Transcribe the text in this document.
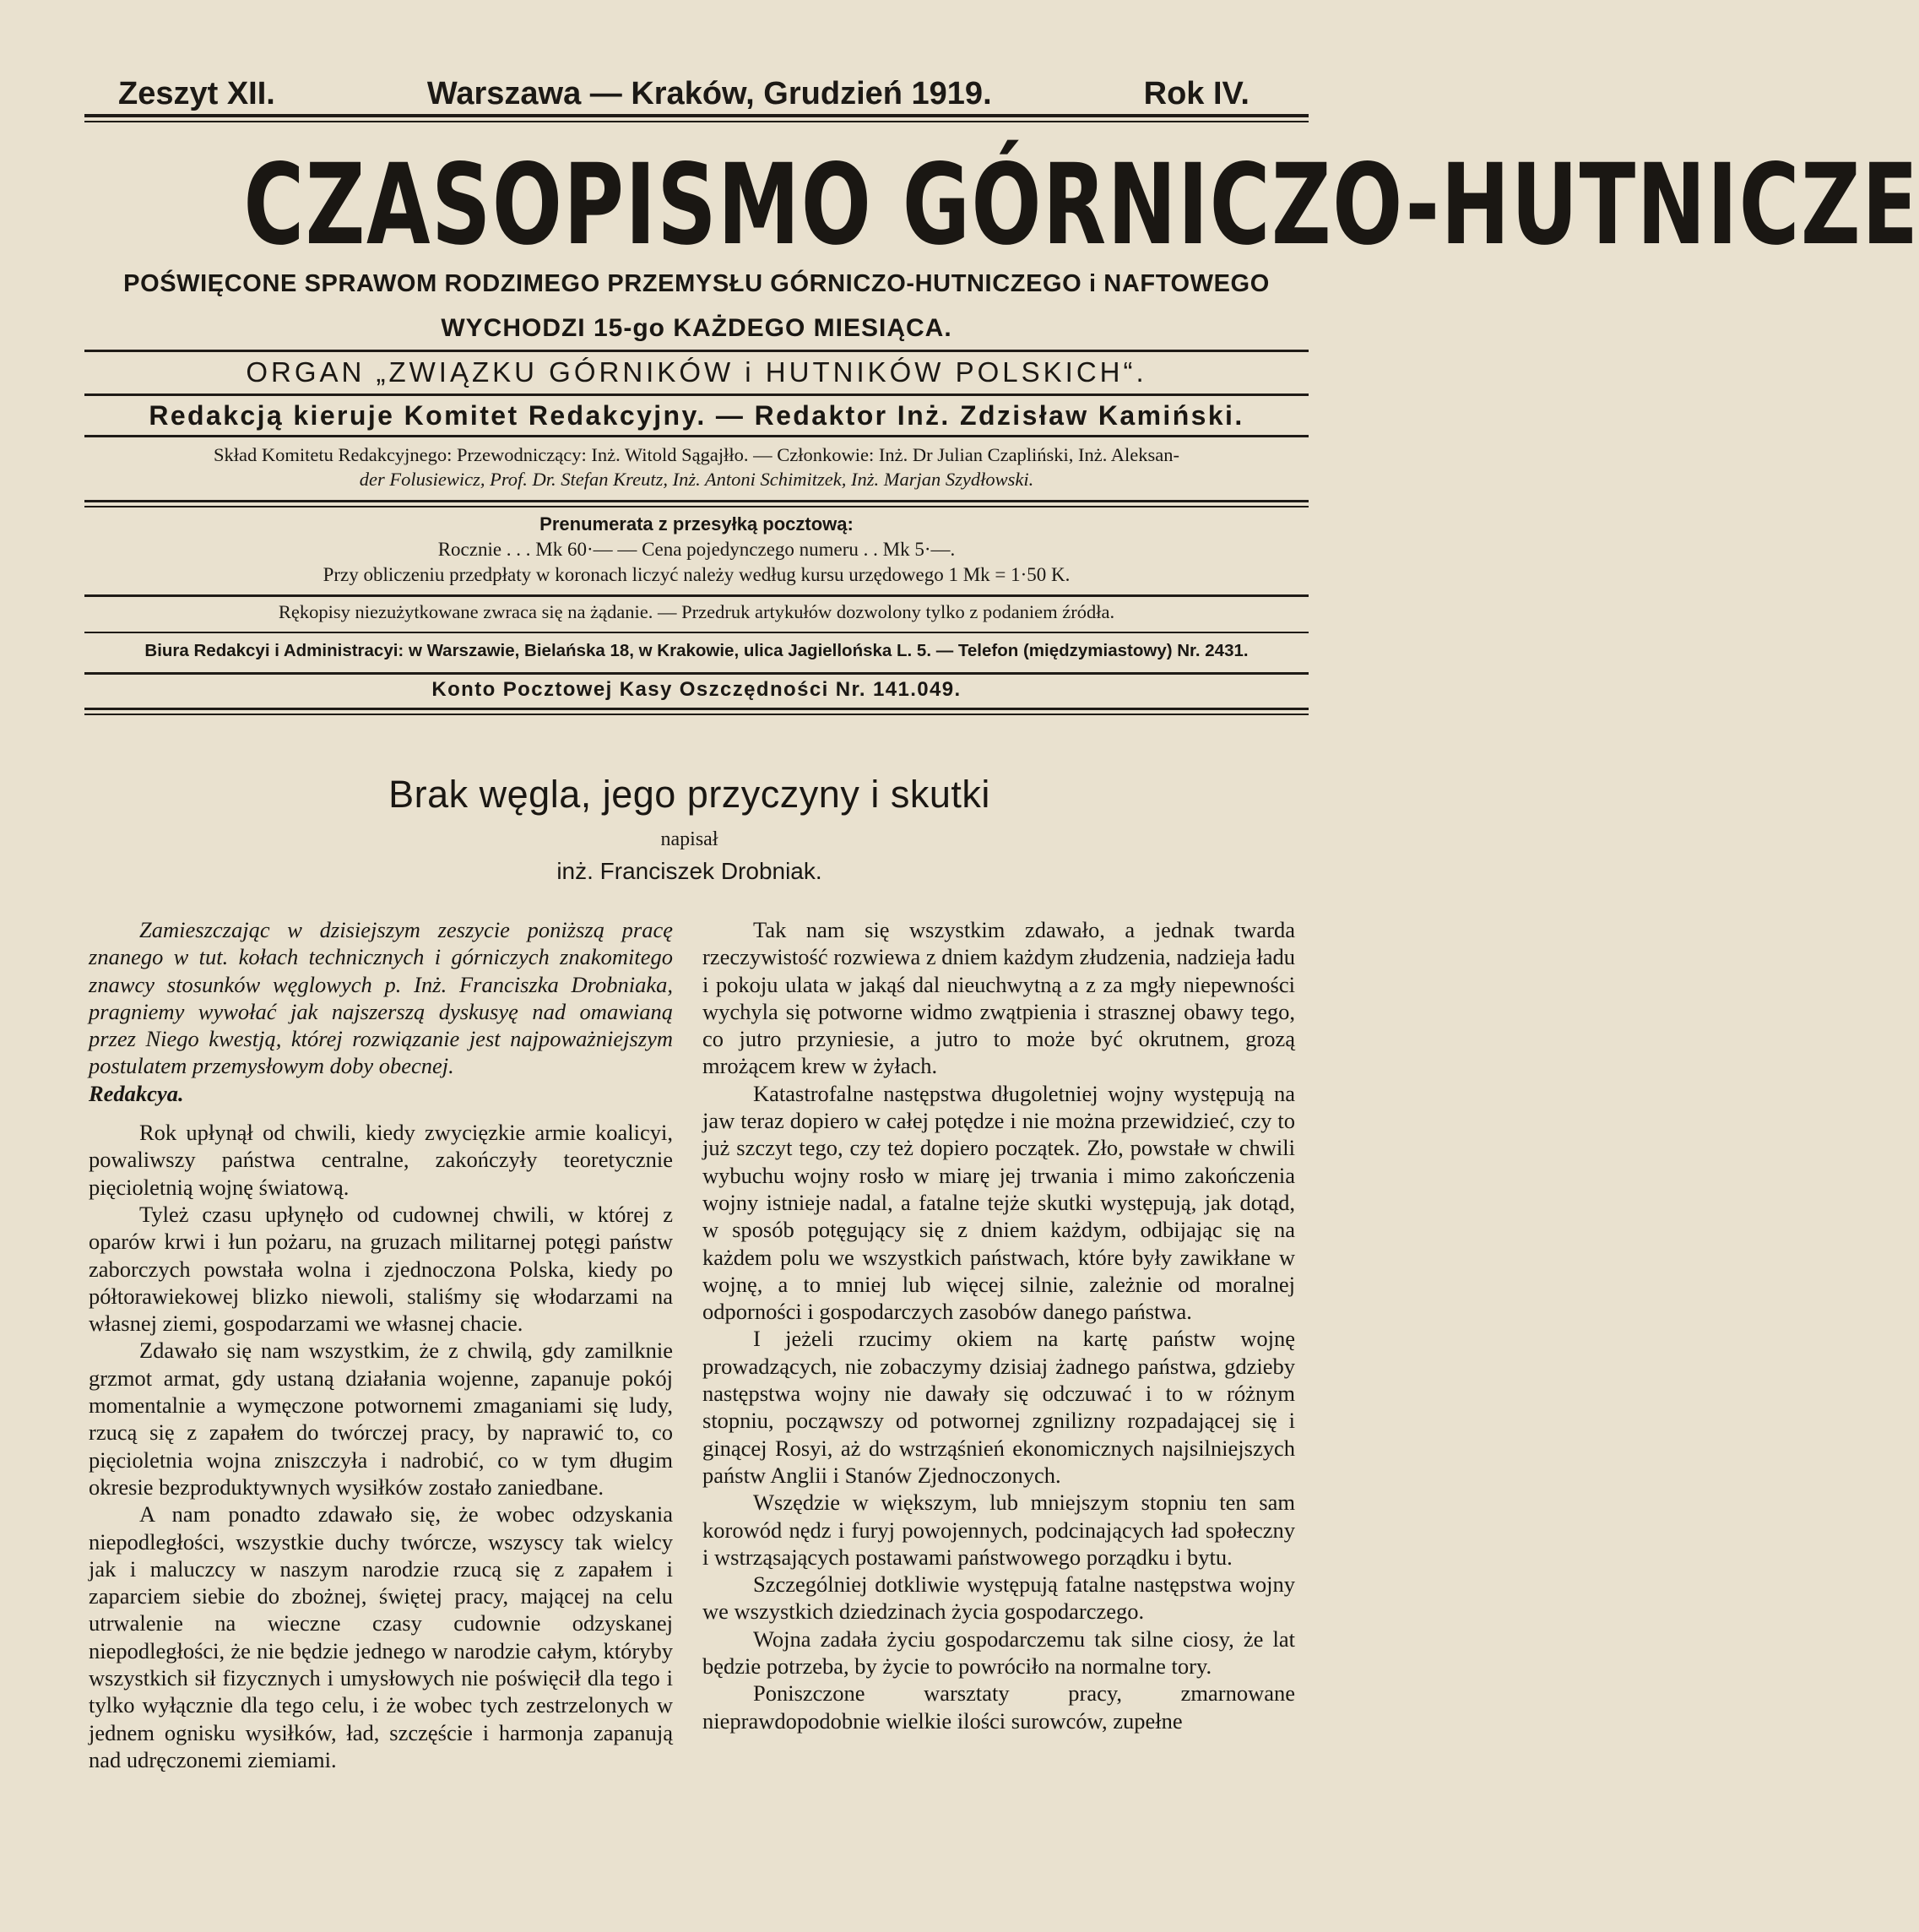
Zeszyt XII.	Warszawa — Kraków, Grudzień 1919.	Rok IV.
CZASOPISMO GÓRNICZO-HUTNICZE
POŚWIĘCONE SPRAWOM RODZIMEGO PRZEMYSŁU GÓRNICZO-HUTNICZEGO i NAFTOWEGO
WYCHODZI 15-go KAŻDEGO MIESIĄCA.
ORGAN „ZWIĄZKU GÓRNIKÓW i HUTNIKÓW POLSKICH“.
Redakcją kieruje Komitet Redakcyjny. — Redaktor Inż. Zdzisław Kamiński.
Skład Komitetu Redakcyjnego: Przewodniczący: Inż. Witold Sągajłło. — Członkowie: Inż. Dr Julian Czapliński, Inż. Aleksan-
der Folusiewicz, Prof. Dr. Stefan Kreutz, Inż. Antoni Schimitzek, Inż. Marjan Szydłowski.
Prenumerata z przesyłką pocztową:
Rocznie . . . Mk 60·— — Cena pojedynczego numeru . . Mk 5·—.
Przy obliczeniu przedpłaty w koronach liczyć należy według kursu urzędowego 1 Mk = 1·50 K.
Rękopisy niezużytkowane zwraca się na żądanie. — Przedruk artykułów dozwolony tylko z podaniem źródła.
Biura Redakcyi i Administracyi: w Warszawie, Bielańska 18, w Krakowie, ulica Jagiellońska L. 5. — Telefon (międzymiastowy) Nr. 2431.
Konto Pocztowej Kasy Oszczędności Nr. 141.049.
Brak węgla, jego przyczyny i skutki
napisał
inż. Franciszek Drobniak.

Zamieszczając w dzisiejszym zeszycie poniższą pracę znanego w tut. kołach technicznych i górniczych znakomitego znawcy stosunków węglowych p. Inż. Franciszka Drobniaka, pragniemy wywołać jak najszerszą dyskusyę nad omawianą przez Niego kwestją, której rozwiązanie jest najpoważniejszym postulatem przemysłowym doby obecnej.

Redakcya.

Rok upłynął od chwili, kiedy zwycięzkie armie koalicyi, powaliwszy państwa centralne, zakończyły teoretycznie pięcioletnią wojnę światową.

Tyleż czasu upłynęło od cudownej chwili, w której z oparów krwi i łun pożaru, na gruzach militarnej potęgi państw zaborczych powstała wolna i zjednoczona Polska, kiedy po półtorawiekowej blizko niewoli, staliśmy się włodarzami na własnej ziemi, gospodarzami we własnej chacie.

Zdawało się nam wszystkim, że z chwilą, gdy zamilknie grzmot armat, gdy ustaną działania wojenne, zapanuje pokój momentalnie a wymęczone potwornemi zmaganiami się ludy, rzucą się z zapałem do twórczej pracy, by naprawić to, co pięcioletnia wojna zniszczyła i nadrobić, co w tym długim okresie bezproduktywnych wysiłków zostało zaniedbane.

A nam ponadto zdawało się, że wobec odzyskania niepodległości, wszystkie duchy twórcze, wszyscy tak wielcy jak i maluczcy w naszym narodzie rzucą się z zapałem i zaparciem siebie do zbożnej, świętej pracy, mającej na celu utrwalenie na wieczne czasy cudownie odzyskanej niepodległości, że nie będzie jednego w narodzie całym, któryby wszystkich sił fizycznych i umysłowych nie poświęcił dla tego i tylko wyłącznie dla tego celu, i że wobec tych zestrzelonych w jednem ognisku wysiłków, ład, szczęście i harmonja zapanują nad udręczonemi ziemiami.

Tak nam się wszystkim zdawało, a jednak twarda rzeczywistość rozwiewa z dniem każdym złudzenia, nadzieja ładu i pokoju ulata w jakąś dal nieuchwytną a z za mgły niepewności wychyla się potworne widmo zwątpienia i strasznej obawy tego, co jutro przyniesie, a jutro to może być okrutnem, grozą mrożącem krew w żyłach.

Katastrofalne następstwa długoletniej wojny występują na jaw teraz dopiero w całej potędze i nie można przewidzieć, czy to już szczyt tego, czy też dopiero początek. Zło, powstałe w chwili wybuchu wojny rosło w miarę jej trwania i mimo zakończenia wojny istnieje nadal, a fatalne tejże skutki występują, jak dotąd, w sposób potęgujący się z dniem każdym, odbijając się na każdem polu we wszystkich państwach, które były zawikłane w wojnę, a to mniej lub więcej silnie, zależnie od moralnej odporności i gospodarczych zasobów danego państwa.

I jeżeli rzucimy okiem na kartę państw wojnę prowadzących, nie zobaczymy dzisiaj żadnego państwa, gdzieby następstwa wojny nie dawały się odczuwać i to w różnym stopniu, począwszy od potwornej zgnilizny rozpadającej się i ginącej Rosyi, aż do wstrząśnień ekonomicznych najsilniejszych państw Anglii i Stanów Zjednoczonych.

Wszędzie w większym, lub mniejszym stopniu ten sam korowód nędz i furyj powojennych, podcinających ład społeczny i wstrząsających postawami państwowego porządku i bytu.

Szczególniej dotkliwie występują fatalne następstwa wojny we wszystkich dziedzinach życia gospodarczego.

Wojna zadała życiu gospodarczemu tak silne ciosy, że lat będzie potrzeba, by życie to powróciło na normalne tory.

Poniszczone warsztaty pracy, zmarnowane nieprawdopodobnie wielkie ilości surowców, zupełne
